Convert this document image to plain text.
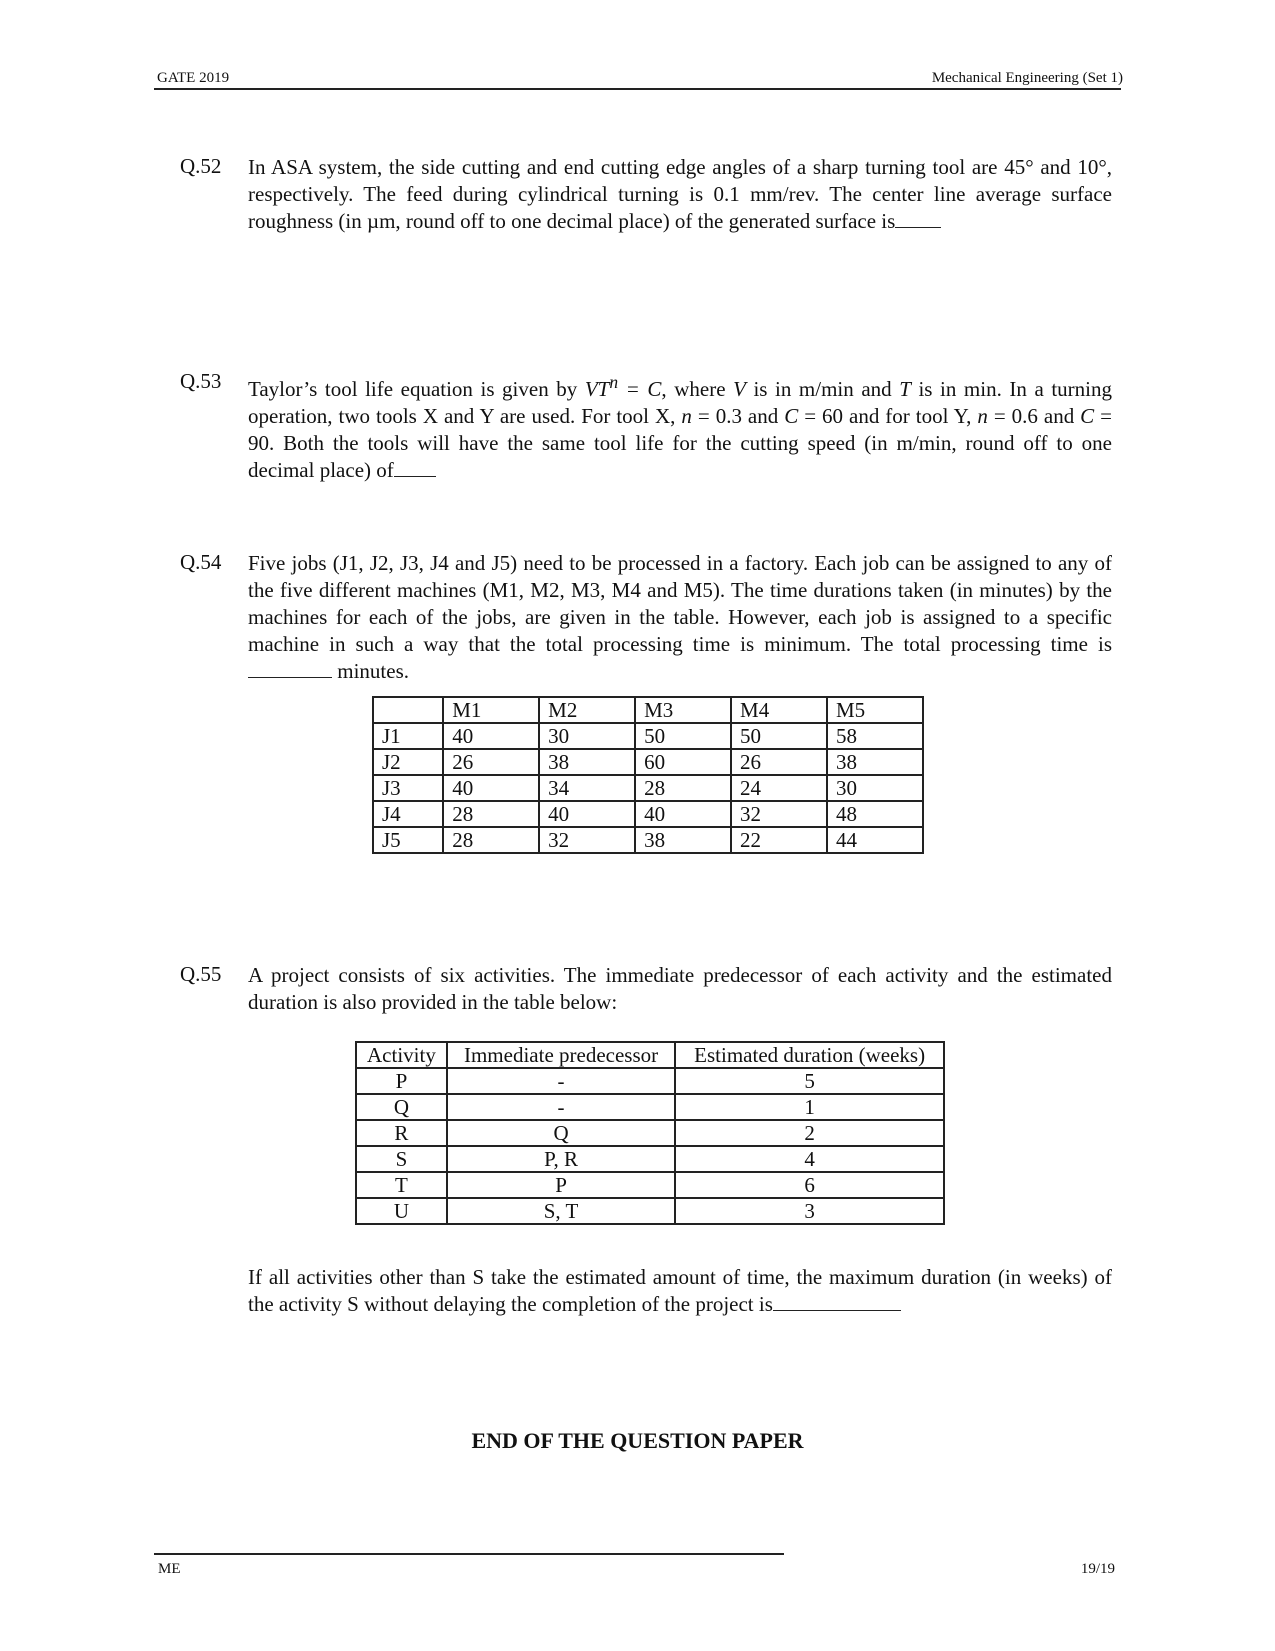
GATE 2019	Mechanical Engineering (Set 1)
Q.52 In ASA system, the side cutting and end cutting edge angles of a sharp turning tool are 45° and 10°, respectively. The feed during cylindrical turning is 0.1 mm/rev. The center line average surface roughness (in µm, round off to one decimal place) of the generated surface is
Q.53 Taylor’s tool life equation is given by $VT^n = C$, where V is in m/min and T is in min. In a turning operation, two tools X and Y are used. For tool X, n = 0.3 and C = 60 and for tool Y, n = 0.6 and C = 90. Both the tools will have the same tool life for the cutting speed (in m/min, round off to one decimal place) of
Q.54 Five jobs (J1, J2, J3, J4 and J5) need to be processed in a factory. Each job can be assigned to any of the five different machines (M1, M2, M3, M4 and M5). The time durations taken (in minutes) by the machines for each of the jobs, are given in the table. However, each job is assigned to a specific machine in such a way that the total processing time is minimum. The total processing time is  minutes.
	M1	M2	M3	M4	M5
J1	40	30	50	50	58
J2	26	38	60	26	38
J3	40	34	28	24	30
J4	28	40	40	32	48
J5	28	32	38	22	44
Q.55 A project consists of six activities. The immediate predecessor of each activity and the estimated duration is also provided in the table below:
Activity	Immediate predecessor	Estimated duration (weeks)
P	-	5
Q	-	1
R	Q	2
S	P, R	4
T	P	6
U	S, T	3
If all activities other than S take the estimated amount of time, the maximum duration (in weeks) of the activity S without delaying the completion of the project is
END OF THE QUESTION PAPER
ME	19/19
